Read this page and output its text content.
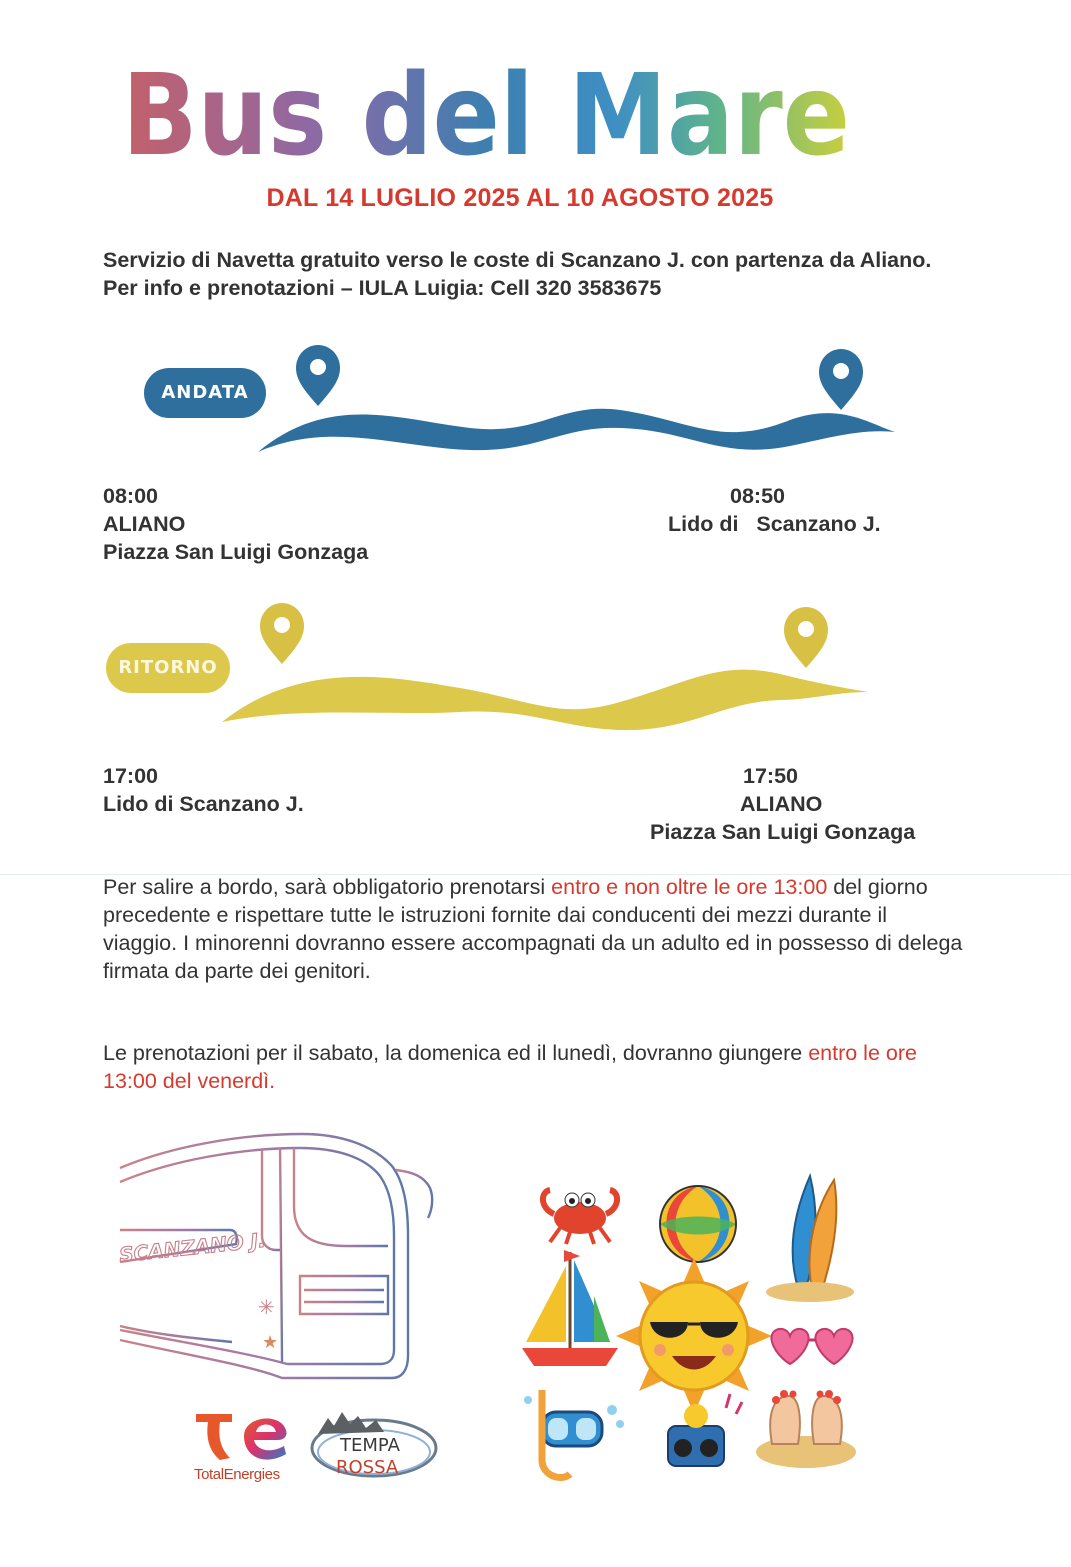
Bus del Mare
DAL 14 LUGLIO 2025 AL 10 AGOSTO 2025
Servizio di Navetta gratuito verso le coste di Scanzano J. con partenza da Aliano. Per info e prenotazioni – IULA Luigia: Cell 320 3583675
ANDATA
RITORNO
08:00
ALIANO
Piazza San Luigi Gonzaga
08:50
Lido di   Scanzano J.
17:00
Lido di Scanzano J.
17:50
ALIANO
Piazza San Luigi Gonzaga
Per salire a bordo, sarà obbligatorio prenotarsi entro e non oltre le ore 13:00 del giorno precedente e rispettare tutte le istruzioni fornite dai conducenti dei mezzi durante il viaggio. I minorenni dovranno essere accompagnati da un adulto ed in possesso di delega firmata da parte dei genitori.
Le prenotazioni per il sabato, la domenica ed il lunedì, dovranno giungere entro le ore 13:00 del venerdì.
SCANZANO J.
✳
★
TotalEnergies
TEMPA
ROSSA
